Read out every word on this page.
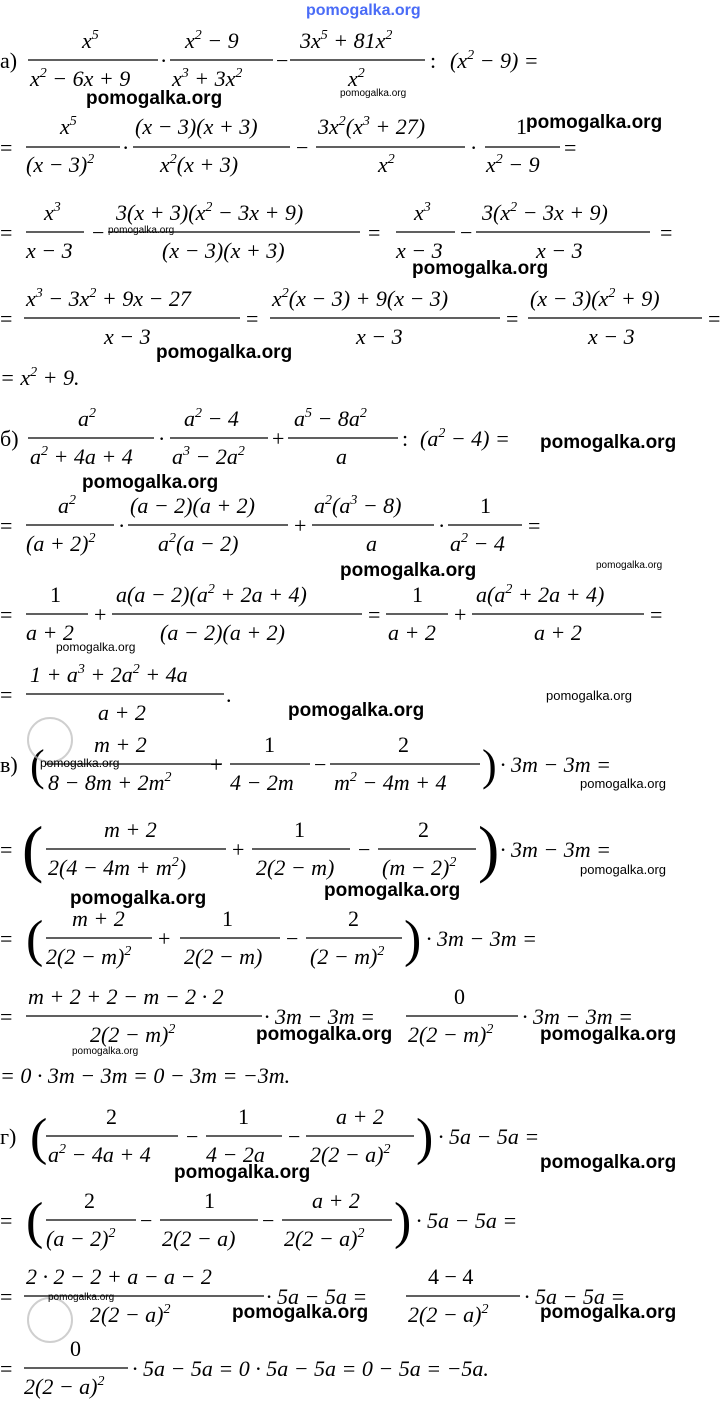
а)
$x^5$
$x^2 - 6x + 9$
·
$x^2 - 9$
$x^3 + 3x^2$
−
$3x^5 + 81x^2$
$x^2$
: $(x^2 - 9)$ =
=
$x^5$
$(x - 3)^2$ ·
(x − 3)(x + 3)
$x^2(x + 3)$
−
$3x^2(x^3 + 27)$
$x^2$	·
1
$x^2 - 9$
=
=
$x^3$
x − 3
−
$3(x + 3)(x^2 - 3x + 9)$
(x − 3)(x + 3)
=
$x^3$
x − 3
−
$3(x^2 - 3x + 9)$
x − 3
=
=
$x^3 - 3x^2 + 9x - 27$
x − 3
=
$x^2(x - 3) + 9(x - 3)$
x − 3
=
$(x - 3)(x^2 + 9)$
x − 3
=
= $x^2 + 9$.
б)
$a^2$
$a^2 + 4a + 4$
·
$a^2 - 4$
$a^3 - 2a^2$
+
$a^5 - 8a^2$
a
: $(a^2 - 4)$ =
=
$a^2$
$(a + 2)^2$
·
(a − 2)(a + 2)
$a^2(a - 2)$
+
$a^2(a^3 - 8)$
a
·
1
$a^2 - 4$
=
=
1
a + 2
+
$a(a - 2)(a^2 + 2a + 4)$
(a − 2)(a + 2)
=
1
a + 2
+
$a(a^2 + 2a + 4)$
a + 2
=
=
$1 + a^3 + 2a^2 + 4a$
a + 2
.
в) ( m + 2
$8 - 8m + 2m^2$
+
1
4 − 2m
−
2
$m^2 - 4m + 4$ ) · 3m − 3m =
= (	m + 2
$2(4 - 4m + m^2)$
+
1
2(2 − m)
−
2
$(m - 2)^2$ ) · 3m − 3m =
= ( m + 2
$2(2 - m)^2$
+
1
2(2 − m)
−
2
$(2 - m)^2$ ) · 3m − 3m =
=
m + 2 + 2 − m − 2 · 2
$2(2 - m)^2$
· 3m − 3m =
0
$2(2 - m)^2$
· 3m − 3m =
= 0 · 3m − 3m = 0 − 3m = −3m.
г) (	2
$a^2 - 4a + 4$
−
1
4 − 2a
−
a + 2
$2(2 - a)^2$ ) · 5a − 5a =
= ( 2
$(a - 2)^2$
−
1
2(2 − a)
−
a + 2
$2(2 - a)^2$ ) · 5a − 5a =
=
2 · 2 − 2 + a − a − 2
$2(2 - a)^2$
· 5a − 5a =
4 − 4
$2(2 - a)^2$
· 5a − 5a =
=
0
$2(2 - a)^2$
· 5a − 5a = 0 · 5a − 5a = 0 − 5a = −5a.
pomogalka.org
pomogalka.org	pomogalka.org
pomogalka.org
pomogalka.org
pomogalka.org
pomogalka.org
pomogalka.org
pomogalka.org
pomogalka.org	pomogalka.org
pomogalka.org
pomogalka.org
pomogalka.org
pomogalka.org
pomogalka.org
pomogalka.org
pomogalka.org
pomogalka.org
pomogalka.org	pomogalka.org
pomogalka.org
pomogalka.org	pomogalka.org
pomogalka.org
pomogalka.org	pomogalka.org
